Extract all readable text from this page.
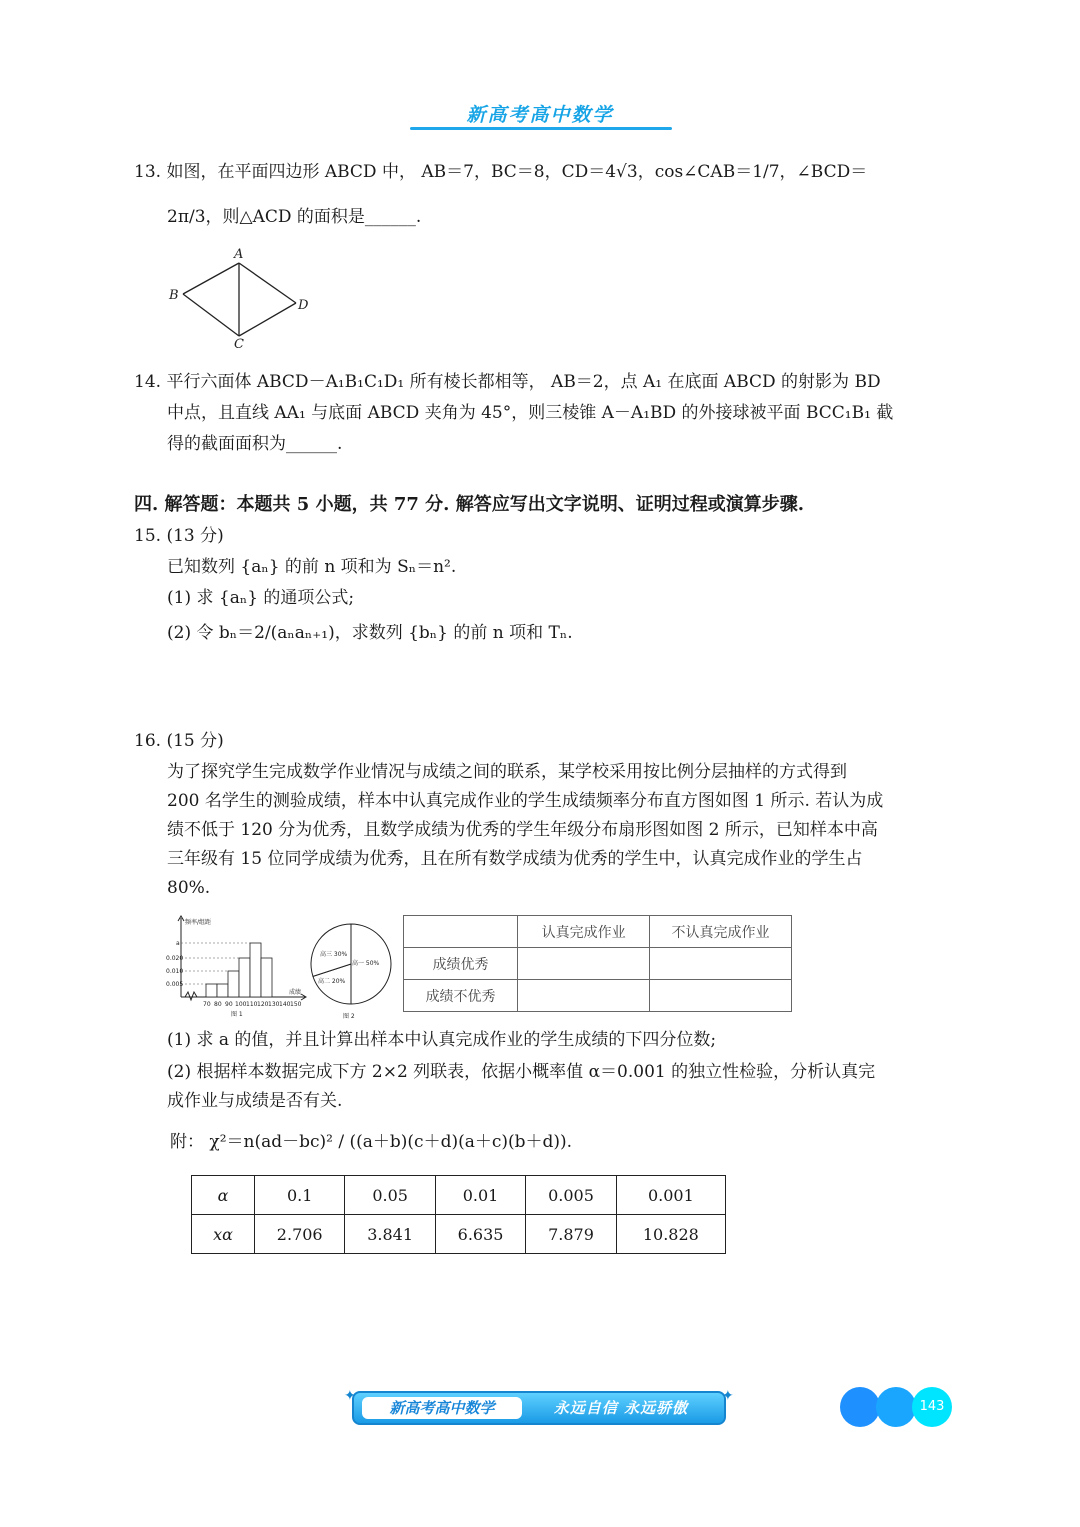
新高考高中数学
13. 如图，在平面四边形 ABCD 中， AB＝7，BC＝8，CD＝4√3，cos∠CAB＝1/7，∠BCD＝
2π/3，则△ACD 的面积是______.
A
B
C
D
14. 平行六面体 ABCD－A₁B₁C₁D₁ 所有棱长都相等， AB＝2，点 A₁ 在底面 ABCD 的射影为 BD
中点，且直线 AA₁ 与底面 ABCD 夹角为 45°，则三棱锥 A－A₁BD 的外接球被平面 BCC₁B₁ 截
得的截面面积为______.
四. 解答题：本题共 5 小题，共 77 分. 解答应写出文字说明、证明过程或演算步骤.
15. (13 分)
已知数列 {aₙ} 的前 n 项和为 Sₙ＝n².
(1) 求 {aₙ} 的通项公式;
(2) 令 bₙ＝2/(aₙaₙ₊₁)，求数列 {bₙ} 的前 n 项和 Tₙ.
16. (15 分)
为了探究学生完成数学作业情况与成绩之间的联系，某学校采用按比例分层抽样的方式得到
200 名学生的测验成绩，样本中认真完成作业的学生成绩频率分布直方图如图 1 所示. 若认为成
绩不低于 120 分为优秀，且数学成绩为优秀的学生年级分布扇形图如图 2 所示，已知样本中高
三年级有 15 位同学成绩为优秀，且在所有数学成绩为优秀的学生中，认真完成作业的学生占
80%.
频率/组距
a
0.020
0.010
0.005
70 80 90 100 110 120 130 140 150
成绩
图 1
高一 50%
高二 20%
高三 30%
图 2
	认真完成作业	不认真完成作业
成绩优秀		
成绩不优秀		
(1) 求 a 的值，并且计算出样本中认真完成作业的学生成绩的下四分位数;
(2) 根据样本数据完成下方 2×2 列联表，依据小概率值 α＝0.001 的独立性检验，分析认真完
成作业与成绩是否有关.
附： χ²＝n(ad－bc)² / ((a＋b)(c＋d)(a＋c)(b＋d)).
α	0.1	0.05	0.01	0.005	0.001
xα	2.706	3.841	6.635	7.879	10.828
新高考高中数学	永远自信 永远骄傲
✦	✦
143
